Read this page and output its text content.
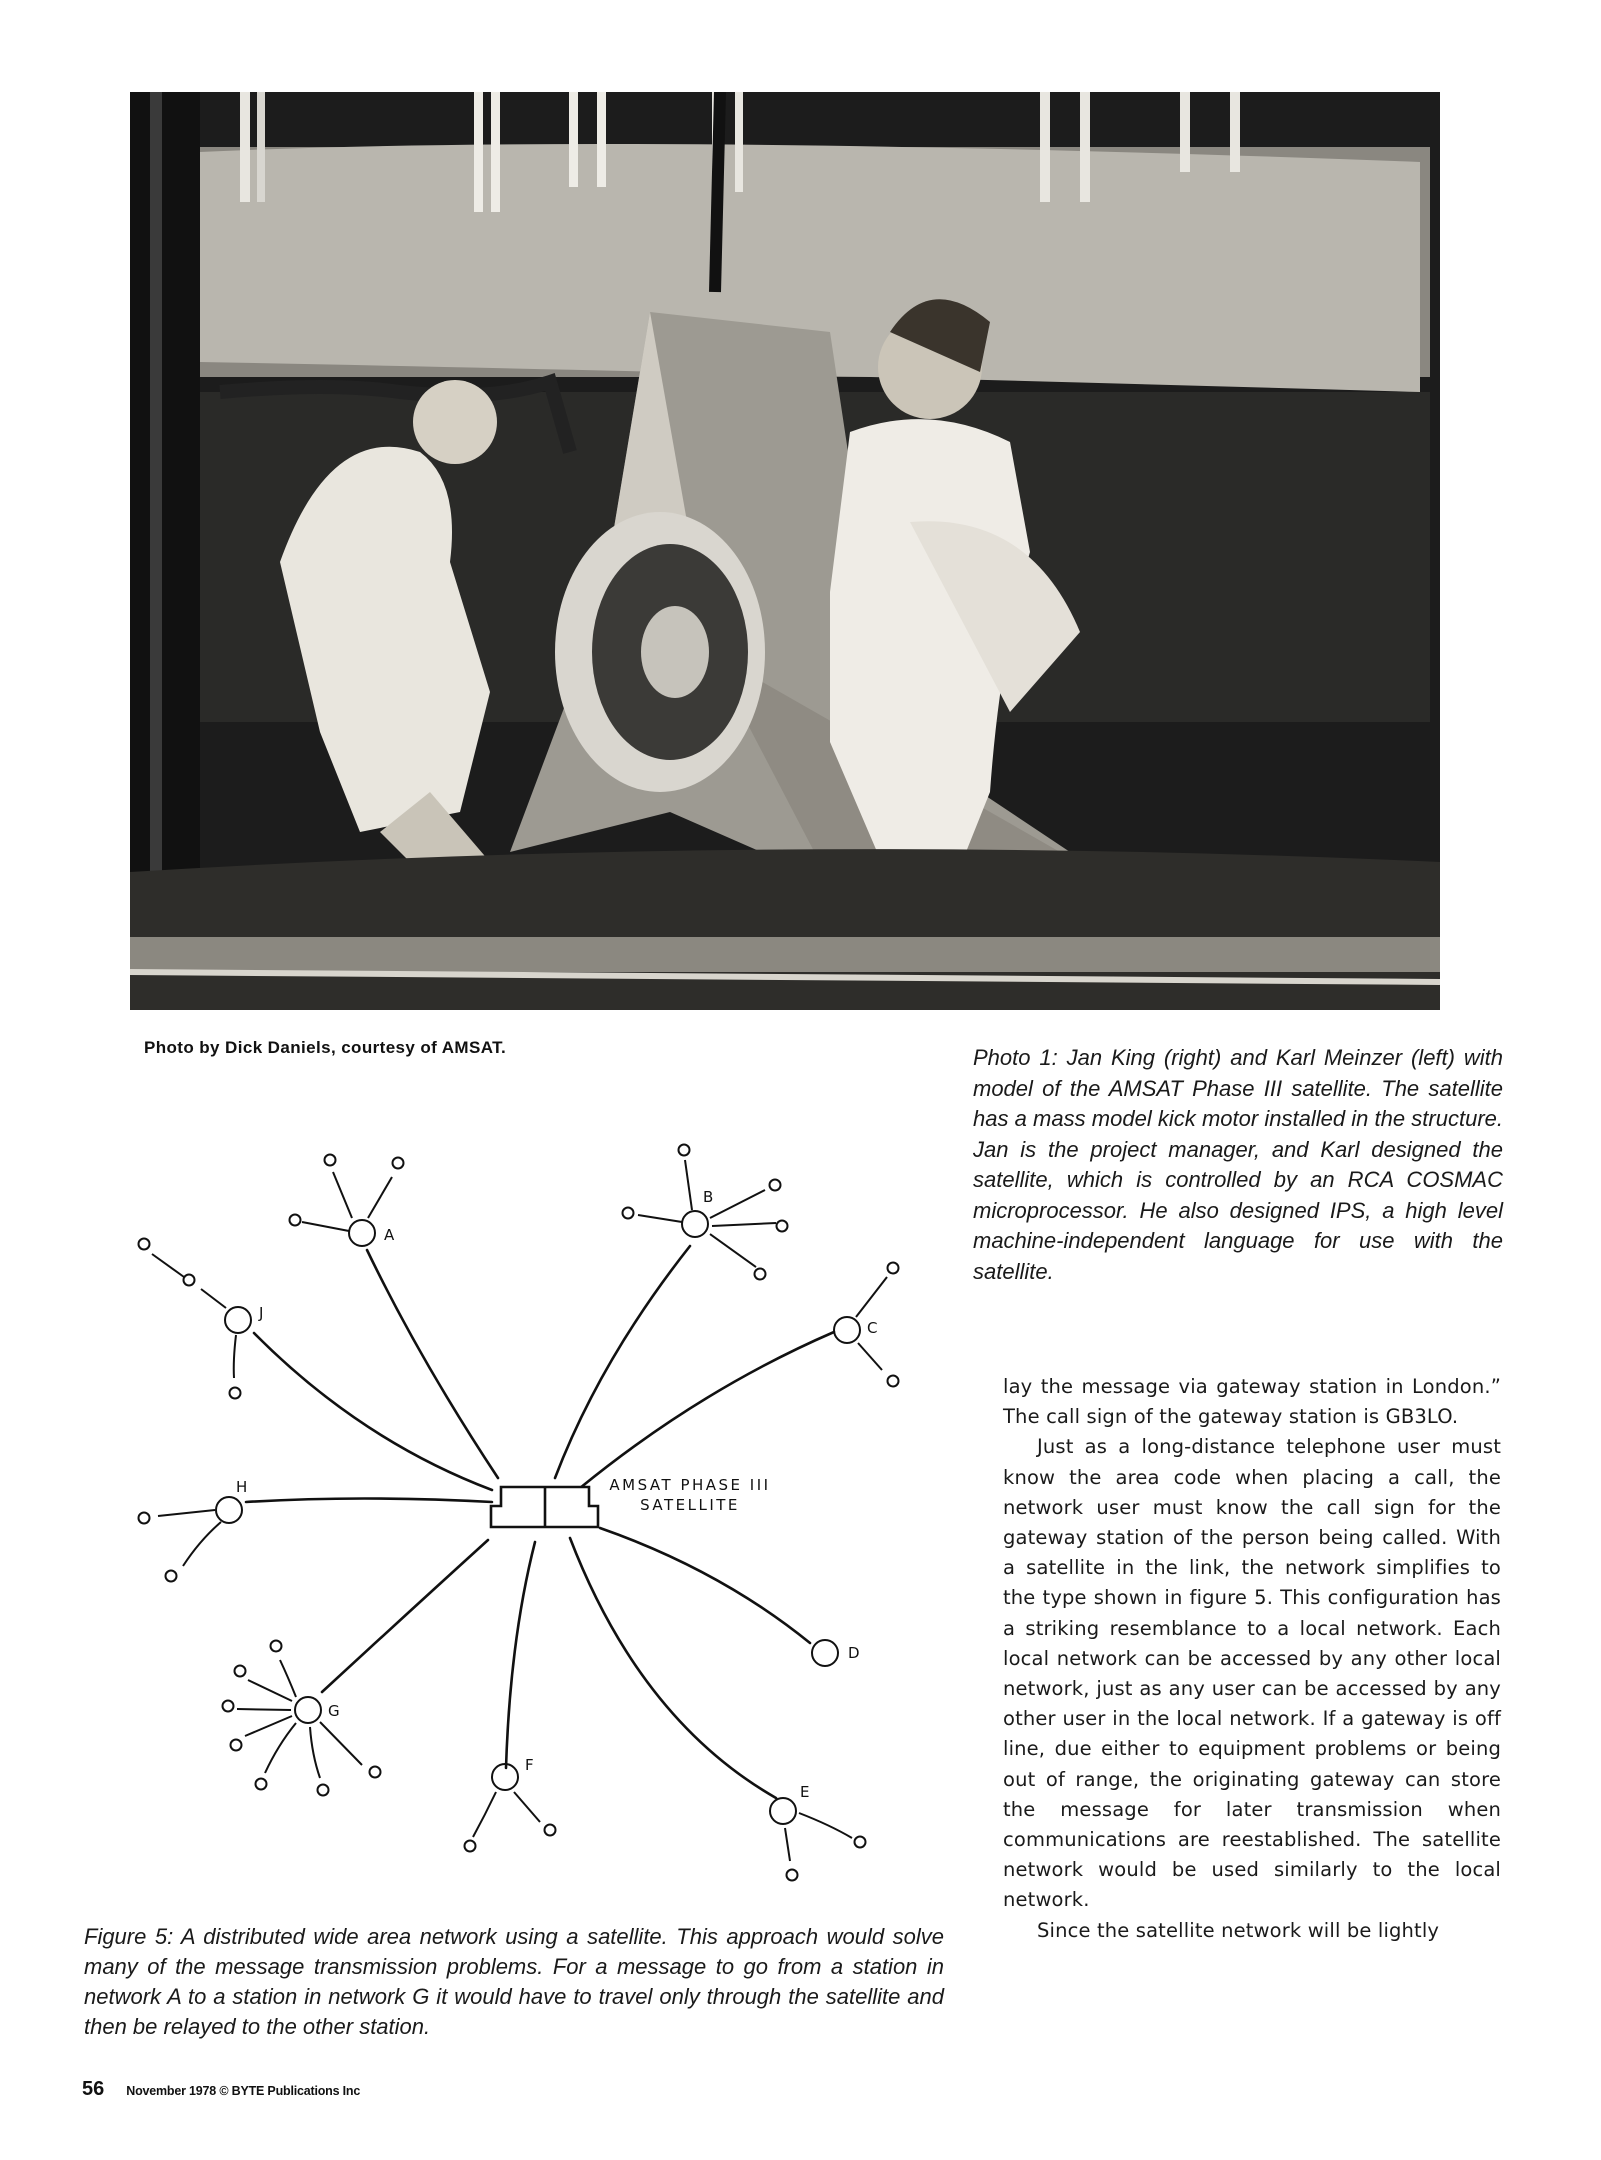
Photo by Dick Daniels, courtesy of AMSAT.	Photo 1: Jan King (right) and Karl Meinzer (left) with model of the AMSAT Phase III satellite. The satellite has a mass model kick motor installed in the structure. Jan is the project manager, and Karl designed the satellite, which is controlled by an RCA COSMAC microprocessor. He also designed IPS, a high level machine-independent language for use with the satellite.
AMSAT PHASE III
SATELLITE
A
B
C
D
E
F
G
H
J
Figure 5: A distributed wide area network using a satellite. This approach would solve many of the message transmission problems. For a message to go from a station in network A to a station in network G it would have to travel only through the satellite and then be relayed to the other station.

lay the message via gateway station in London.” The call sign of the gateway station is GB3LO.

Just as a long-distance telephone user must know the area code when placing a call, the network user must know the call sign for the gateway station of the person being called. With a satellite in the link, the network simplifies to the type shown in figure 5. This configuration has a striking resemblance to a local network. Each local network can be accessed by any other local network, just as any user can be accessed by any other user in the local network. If a gateway is off line, due either to equipment problems or being out of range, the originating gateway can store the message for later transmission when communications are reestablished. The satellite network would be used similarly to the local network.

Since the satellite network will be lightly

56 November 1978 © BYTE Publications Inc
